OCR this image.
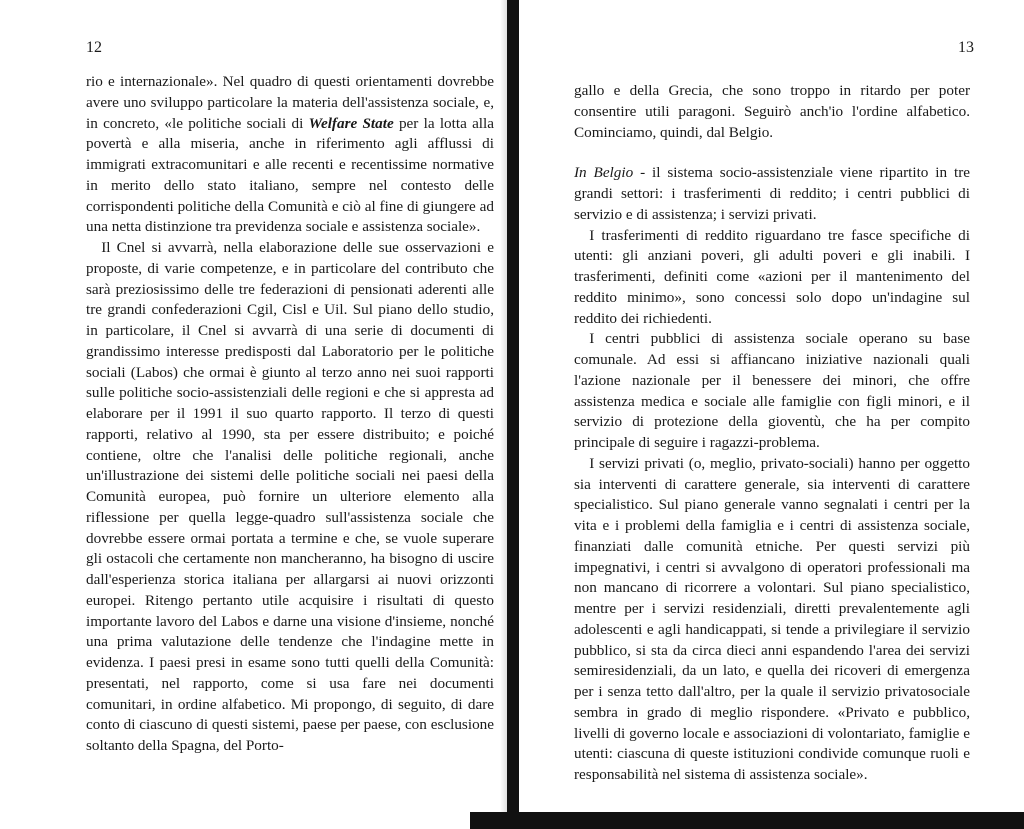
12

rio e internazionale». Nel quadro di questi orientamenti dovrebbe avere uno sviluppo particolare la materia dell'assistenza sociale, e, in concreto, «le politiche sociali di Welfare State per la lotta alla povertà e alla miseria, anche in riferimento agli afflussi di immigrati extracomunitari e alle recenti e recentissime normative in merito dello stato italiano, sempre nel contesto delle corrispondenti politiche della Comunità e ciò al fine di giungere ad una netta distinzione tra previdenza sociale e assistenza sociale».

Il Cnel si avvarrà, nella elaborazione delle sue osservazioni e proposte, di varie competenze, e in particolare del contributo che sarà preziosissimo delle tre federazioni di pensionati aderenti alle tre grandi confederazioni Cgil, Cisl e Uil. Sul piano dello studio, in particolare, il Cnel si avvarrà di una serie di documenti di grandissimo interesse predisposti dal Laboratorio per le politiche sociali (Labos) che ormai è giunto al terzo anno nei suoi rapporti sulle politiche socio-assistenziali delle regioni e che si appresta ad elaborare per il 1991 il suo quarto rapporto. Il terzo di questi rapporti, relativo al 1990, sta per essere distribuito; e poiché contiene, oltre che l'analisi delle politiche regionali, anche un'illustrazione dei sistemi delle politiche sociali nei paesi della Comunità europea, può fornire un ulteriore elemento alla riflessione per quella legge-quadro sull'assistenza sociale che dovrebbe essere ormai portata a termine e che, se vuole superare gli ostacoli che certamente non mancheranno, ha bisogno di uscire dall'esperienza storica italiana per allargarsi ai nuovi orizzonti europei. Ritengo pertanto utile acquisire i risultati di questo importante lavoro del Labos e darne una visione d'insieme, nonché una prima valutazione delle tendenze che l'indagine mette in evidenza. I paesi presi in esame sono tutti quelli della Comunità: presentati, nel rapporto, come si usa fare nei documenti comunitari, in ordine alfabetico. Mi propongo, di seguito, di dare conto di ciascuno di questi sistemi, paese per paese, con esclusione soltanto della Spagna, del Porto-

13

gallo e della Grecia, che sono troppo in ritardo per poter consentire utili paragoni. Seguirò anch'io l'ordine alfabetico. Cominciamo, quindi, dal Belgio.

In Belgio - il sistema socio-assistenziale viene ripartito in tre grandi settori: i trasferimenti di reddito; i centri pubblici di servizio e di assistenza; i servizi privati.

I trasferimenti di reddito riguardano tre fasce specifiche di utenti: gli anziani poveri, gli adulti poveri e gli inabili. I trasferimenti, definiti come «azioni per il mantenimento del reddito minimo», sono concessi solo dopo un'indagine sul reddito dei richiedenti.

I centri pubblici di assistenza sociale operano su base comunale. Ad essi si affiancano iniziative nazionali quali l'azione nazionale per il benessere dei minori, che offre assistenza medica e sociale alle famiglie con figli minori, e il servizio di protezione della gioventù, che ha per compito principale di seguire i ragazzi-problema.

I servizi privati (o, meglio, privato-sociali) hanno per oggetto sia interventi di carattere generale, sia interventi di carattere specialistico. Sul piano generale vanno segnalati i centri per la vita e i problemi della famiglia e i centri di assistenza sociale, finanziati dalle comunità etniche. Per questi servizi più impegnativi, i centri si avvalgono di operatori professionali ma non mancano di ricorrere a volontari. Sul piano specialistico, mentre per i servizi residenziali, diretti prevalentemente agli adolescenti e agli handicappati, si tende a privilegiare il servizio pubblico, si sta da circa dieci anni espandendo l'area dei servizi semiresidenziali, da un lato, e quella dei ricoveri di emergenza per i senza tetto dall'altro, per la quale il servizio privatosociale sembra in grado di meglio rispondere. «Privato e pubblico, livelli di governo locale e associazioni di volontariato, famiglie e utenti: ciascuna di queste istituzioni condivide comunque ruoli e responsabilità nel sistema di assistenza sociale».
